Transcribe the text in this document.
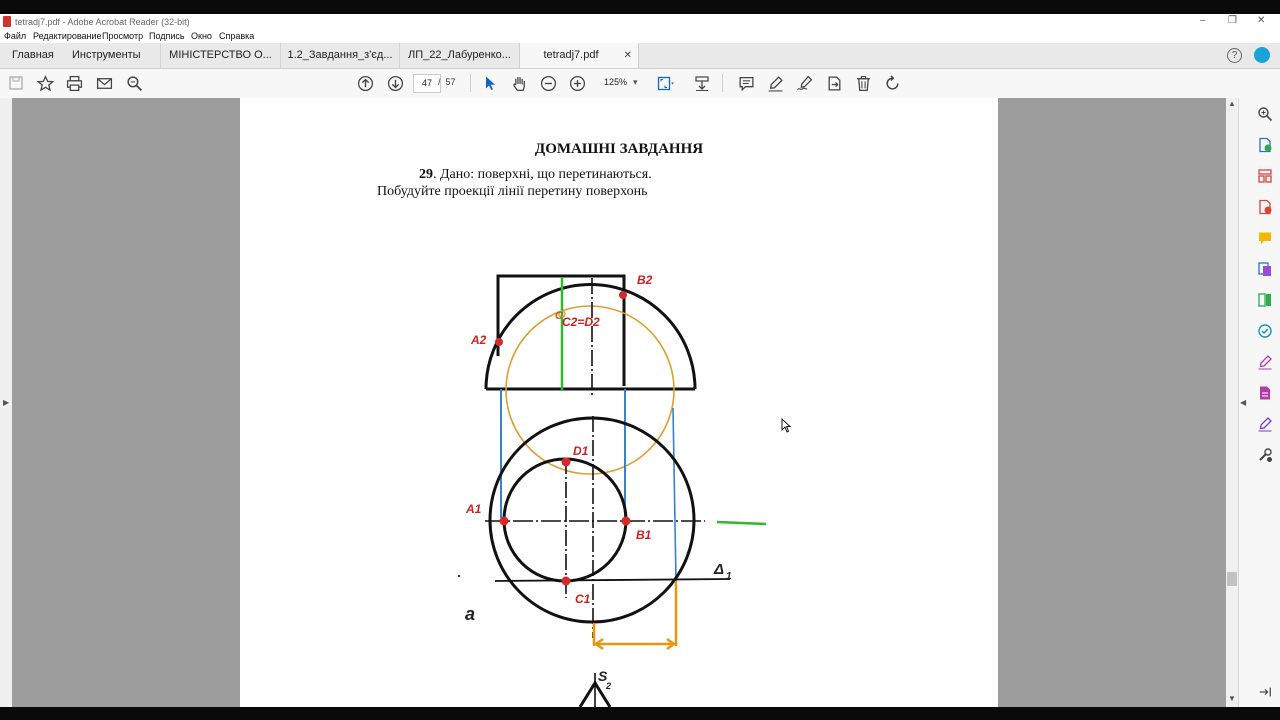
tetradj7.pdf - Adobe Acrobat Reader (32-bit)	– ❐ ✕
Файл Редактирование Просмотр Подпись Окно Справка
Главная	Инструменты	МІНІСТЕРСТВО О...	1.2_Завдання_з'єд...	ЛП_22_Лабуренко...	tetradj7.pdf	✕	?
47 / 57	125% ▾
▶
ДОМАШНІ ЗАВДАННЯ
29. Дано: поверхні, що перетинаються.
Побудуйте проекції лінії перетину поверхонь
B2
A2
C2=D2
C
D1
A1
B1
C1
Δ 1
a
S
2
▲
▼
◀
